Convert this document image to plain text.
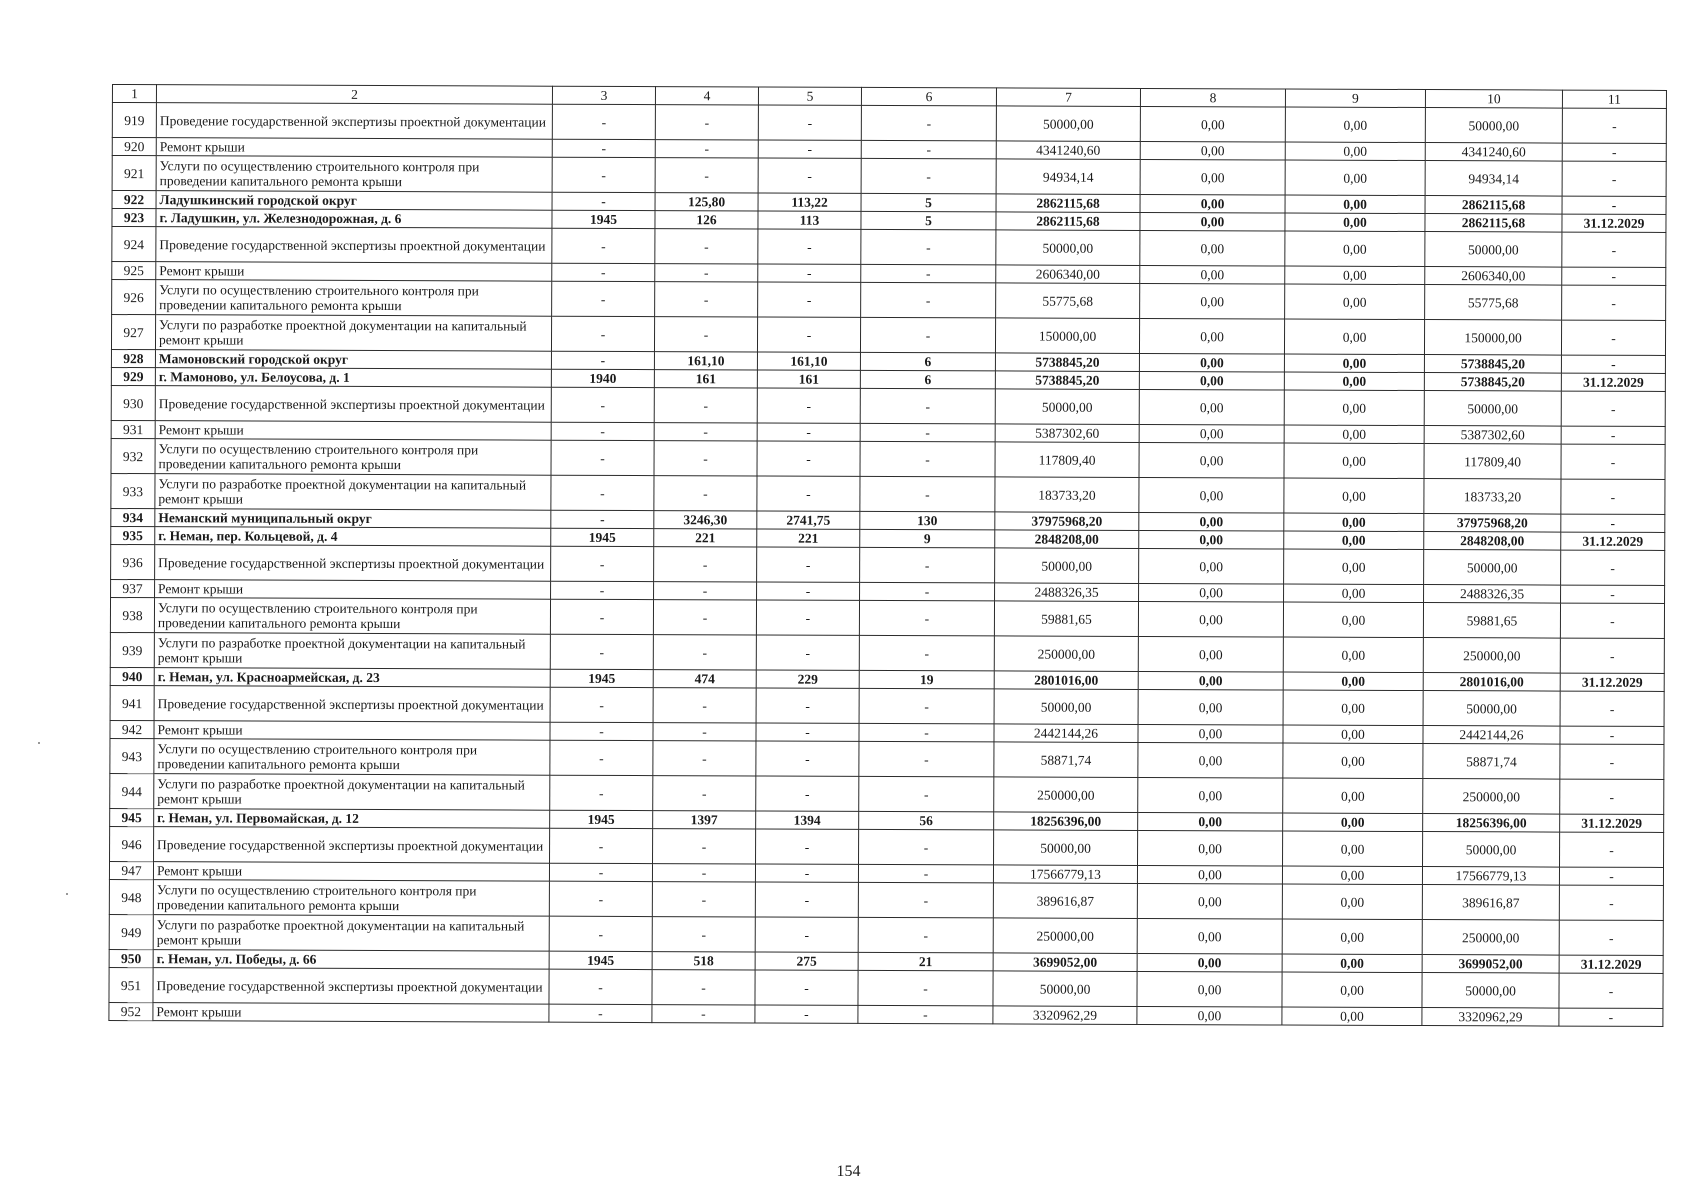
1	2	3	4	5	6	7	8	9	10	11
919	Проведение государственной экспертизы проектной документации	-	-	-	-	50000,00	0,00	0,00	50000,00	-
920	Ремонт крыши	-	-	-	-	4341240,60	0,00	0,00	4341240,60	-
921	Услуги по осуществлению строительного контроля при проведении капитального ремонта крыши	-	-	-	-	94934,14	0,00	0,00	94934,14	-
922	Ладушкинский городской округ	-	125,80	113,22	5	2862115,68	0,00	0,00	2862115,68	-
923	г. Ладушкин, ул. Железнодорожная, д. 6	1945	126	113	5	2862115,68	0,00	0,00	2862115,68	31.12.2029
924	Проведение государственной экспертизы проектной документации	-	-	-	-	50000,00	0,00	0,00	50000,00	-
925	Ремонт крыши	-	-	-	-	2606340,00	0,00	0,00	2606340,00	-
926	Услуги по осуществлению строительного контроля при проведении капитального ремонта крыши	-	-	-	-	55775,68	0,00	0,00	55775,68	-
927	Услуги по разработке проектной документации на капитальный ремонт крыши	-	-	-	-	150000,00	0,00	0,00	150000,00	-
928	Мамоновский городской округ	-	161,10	161,10	6	5738845,20	0,00	0,00	5738845,20	-
929	г. Мамоново, ул. Белоусова, д. 1	1940	161	161	6	5738845,20	0,00	0,00	5738845,20	31.12.2029
930	Проведение государственной экспертизы проектной документации	-	-	-	-	50000,00	0,00	0,00	50000,00	-
931	Ремонт крыши	-	-	-	-	5387302,60	0,00	0,00	5387302,60	-
932	Услуги по осуществлению строительного контроля при проведении капитального ремонта крыши	-	-	-	-	117809,40	0,00	0,00	117809,40	-
933	Услуги по разработке проектной документации на капитальный ремонт крыши	-	-	-	-	183733,20	0,00	0,00	183733,20	-
934	Неманский муниципальный округ	-	3246,30	2741,75	130	37975968,20	0,00	0,00	37975968,20	-
935	г. Неман, пер. Кольцевой, д. 4	1945	221	221	9	2848208,00	0,00	0,00	2848208,00	31.12.2029
936	Проведение государственной экспертизы проектной документации	-	-	-	-	50000,00	0,00	0,00	50000,00	-
937	Ремонт крыши	-	-	-	-	2488326,35	0,00	0,00	2488326,35	-
938	Услуги по осуществлению строительного контроля при проведении капитального ремонта крыши	-	-	-	-	59881,65	0,00	0,00	59881,65	-
939	Услуги по разработке проектной документации на капитальный ремонт крыши	-	-	-	-	250000,00	0,00	0,00	250000,00	-
940	г. Неман, ул. Красноармейская, д. 23	1945	474	229	19	2801016,00	0,00	0,00	2801016,00	31.12.2029
941	Проведение государственной экспертизы проектной документации	-	-	-	-	50000,00	0,00	0,00	50000,00	-
942	Ремонт крыши	-	-	-	-	2442144,26	0,00	0,00	2442144,26	-
943	Услуги по осуществлению строительного контроля при проведении капитального ремонта крыши	-	-	-	-	58871,74	0,00	0,00	58871,74	-
944	Услуги по разработке проектной документации на капитальный ремонт крыши	-	-	-	-	250000,00	0,00	0,00	250000,00	-
945	г. Неман, ул. Первомайская, д. 12	1945	1397	1394	56	18256396,00	0,00	0,00	18256396,00	31.12.2029
946	Проведение государственной экспертизы проектной документации	-	-	-	-	50000,00	0,00	0,00	50000,00	-
947	Ремонт крыши	-	-	-	-	17566779,13	0,00	0,00	17566779,13	-
948	Услуги по осуществлению строительного контроля при проведении капитального ремонта крыши	-	-	-	-	389616,87	0,00	0,00	389616,87	-
949	Услуги по разработке проектной документации на капитальный ремонт крыши	-	-	-	-	250000,00	0,00	0,00	250000,00	-
950	г. Неман, ул. Победы, д. 66	1945	518	275	21	3699052,00	0,00	0,00	3699052,00	31.12.2029
951	Проведение государственной экспертизы проектной документации	-	-	-	-	50000,00	0,00	0,00	50000,00	-
952	Ремонт крыши	-	-	-	-	3320962,29	0,00	0,00	3320962,29	-
154
